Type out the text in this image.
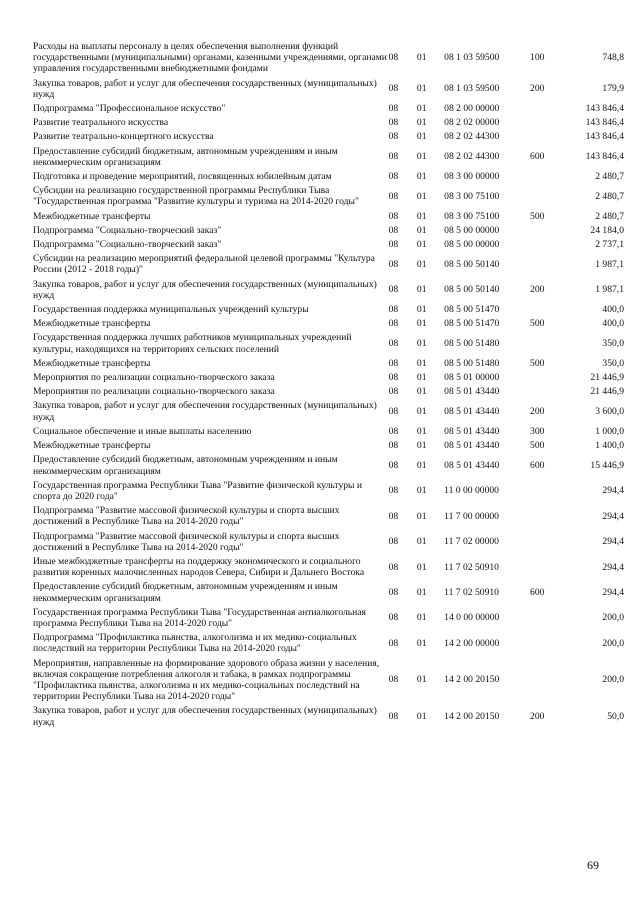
Расходы на выплаты персоналу в целях обеспечения выполнения функций государственными (муниципальными) органами, казенными учреждениями, органами управления государственными внебюджетными фондами	08	01	08 1 03 59500	100	748,8
Закупка товаров, работ и услуг для обеспечения государственных (муниципальных) нужд	08	01	08 1 03 59500	200	179,9
Подпрограмма "Профессиональное искусство"	08	01	08 2 00 00000		143 846,4
Развитие театрального искусства	08	01	08 2 02 00000		143 846,4
Развитие театрально-концертного искусства	08	01	08 2 02 44300		143 846,4
Предоставление субсидий бюджетным, автономным учреждениям и иным некоммерческим организациям	08	01	08 2 02 44300	600	143 846,4
Подготовка и проведение мероприятий, посвященных юбилейным датам	08	01	08 3 00 00000		2 480,7
Субсидии на реализацию государственной программы Республики Тыва "Государственная программа "Развитие культуры и туризма на 2014-2020 годы"	08	01	08 3 00 75100		2 480,7
Межбюджетные трансферты	08	01	08 3 00 75100	500	2 480,7
Подпрограмма "Социально-творческий заказ"	08	01	08 5 00 00000		24 184,0
Подпрограмма "Социально-творческий заказ"	08	01	08 5 00 00000		2 737,1
Субсидии на реализацию мероприятий федеральной целевой программы "Культура России (2012 - 2018 годы)"	08	01	08 5 00 50140		1 987,1
Закупка товаров, работ и услуг для обеспечения государственных (муниципальных) нужд	08	01	08 5 00 50140	200	1 987,1
Государственная поддержка муниципальных учреждений культуры	08	01	08 5 00 51470		400,0
Межбюджетные трансферты	08	01	08 5 00 51470	500	400,0
Государственная поддержка лучших работников муниципальных учреждений культуры, находящихся на территориях сельских поселений	08	01	08 5 00 51480		350,0
Межбюджетные трансферты	08	01	08 5 00 51480	500	350,0
Мероприятия по реализации социально-творческого заказа	08	01	08 5 01 00000		21 446,9
Мероприятия по реализации социально-творческого заказа	08	01	08 5 01 43440		21 446,9
Закупка товаров, работ и услуг для обеспечения государственных (муниципальных) нужд	08	01	08 5 01 43440	200	3 600,0
Социальное обеспечение и иные выплаты населению	08	01	08 5 01 43440	300	1 000,0
Межбюджетные трансферты	08	01	08 5 01 43440	500	1 400,0
Предоставление субсидий бюджетным, автономным учреждениям и иным некоммерческим организациям	08	01	08 5 01 43440	600	15 446,9
Государственная программа Республики Тыва "Развитие физической культуры и спорта до 2020 года"	08	01	11 0 00 00000		294,4
Подпрограмма "Развитие массовой физической культуры и спорта высших достижений в Республике Тыва на 2014-2020 годы"	08	01	11 7 00 00000		294,4
Подпрограмма "Развитие массовой физической культуры и спорта высших достижений в Республике Тыва на 2014-2020 годы"	08	01	11 7 02 00000		294,4
Иные межбюджетные трансферты на поддержку экономического и социального развития коренных малочисленных народов Севера, Сибири и Дальнего Востока	08	01	11 7 02 50910		294,4
Предоставление субсидий бюджетным, автономным учреждениям и иным некоммерческим организациям	08	01	11 7 02 50910	600	294,4
Государственная программа Республики Тыва "Государственная антиалкогольная программа Республики Тыва на 2014-2020 годы"	08	01	14 0 00 00000		200,0
Подпрограмма "Профилактика пьянства, алкоголизма и их медико-социальных последствий на территории Республики Тыва на 2014-2020 годы"	08	01	14 2 00 00000		200,0
Мероприятия, направленные на формирование здорового образа жизни у населения, включая сокращение потребления алкоголя и табака, в рамках подпрограммы "Профилактика пьянства, алкоголизма и их медико-социальных последствий на территории Республики Тыва на 2014-2020 годы"	08	01	14 2 00 20150		200,0
Закупка товаров, работ и услуг для обеспечения государственных (муниципальных) нужд	08	01	14 2 00 20150	200	50,0
69
